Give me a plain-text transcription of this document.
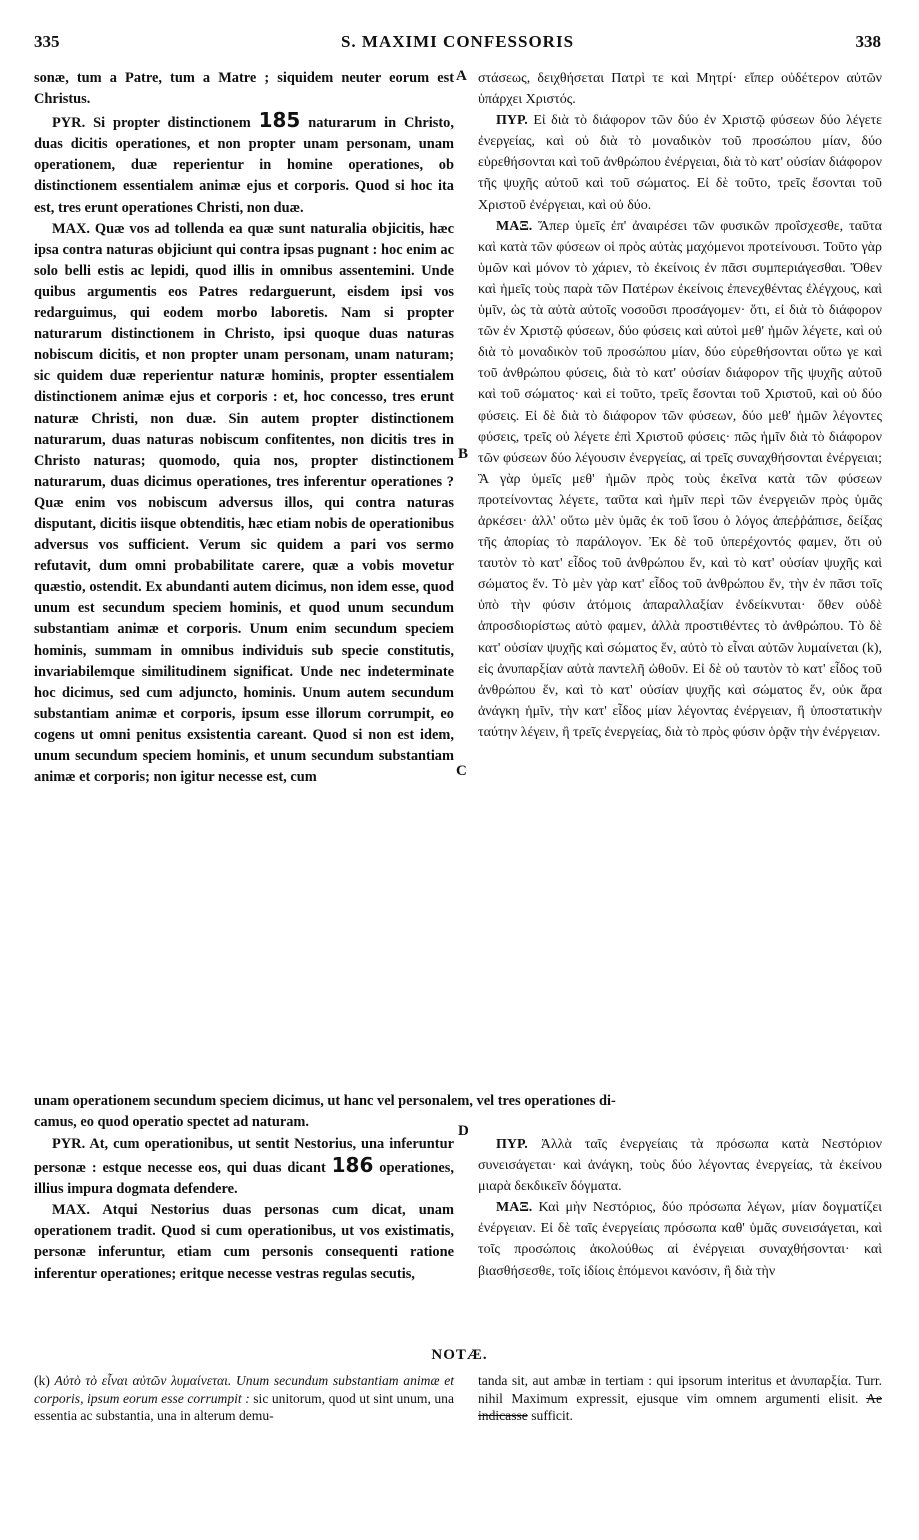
335	S. MAXIMI CONFESSORIS	338

sonæ, tum a Patre, tum a Matre ; siquidem neuter eorum est Christus.

PYR. Si propter distinctionem 185 naturarum in Christo, duas dicitis operationes, et non propter unam personam, unam operationem, duæ reperientur in homine operationes, ob distinctionem essentialem animæ ejus et corporis. Quod si hoc ita est, tres erunt operationes Christi, non duæ.

MAX. Quæ vos ad tollenda ea quæ sunt naturalia objicitis, hæc ipsa contra naturas objiciunt qui contra ipsas pugnant : hoc enim ac solo belli estis ac lepidi, quod illis in omnibus assentemini. Unde quibus argumentis eos Patres redarguerunt, eisdem ipsi vos redarguimus, qui eodem morbo laboretis. Nam si propter naturarum distinctionem in Christo, ipsi quoque duas naturas nobiscum dicitis, et non propter unam personam, unam naturam; sic quidem duæ reperientur naturæ hominis, propter essentialem distinctionem animæ ejus et corporis : et, hoc concesso, tres erunt naturæ Christi, non duæ. Sin autem propter distinctionem naturarum, duas naturas nobiscum confitentes, non dicitis tres in Christo naturas; quomodo, quia nos, propter distinctionem naturarum, duas dicimus operationes, tres inferentur operationes ? Quæ enim vos nobiscum adversus illos, qui contra naturas disputant, dicitis iisque obtenditis, hæc etiam nobis de operationibus adversus vos sufficient. Verum sic quidem a pari vos sermo refutavit, dum omni probabilitate carere, quæ a vobis movetur quæstio, ostendit. Ex abundanti autem dicimus, non idem esse, quod unum est secundum speciem hominis, et quod unum secundum substantiam animæ et corporis. Unum enim secundum speciem hominis, summam in omnibus individuis sub specie constitutis, invariabilemque similitudinem significat. Unde nec indeterminate hoc dicimus, sed cum adjuncto, hominis. Unum autem secundum substantiam animæ et corporis, ipsum esse illorum corrumpit, eo cogens ut omni penitus exsistentia careant. Quod si non est idem, unum secundum speciem hominis, et unum secundum substantiam animæ et corporis; non igitur necesse est, cum

στάσεως, δειχθήσεται Πατρὶ τε καὶ Μητρί· εἴπερ οὐδέτερον αὐτῶν ὑπάρχει Χριστός.

ΠΥΡ. Εἰ διὰ τὸ διάφορον τῶν δύο ἐν Χριστῷ φύσεων δύο λέγετε ἐνεργείας, καὶ οὐ διὰ τὸ μοναδικὸν τοῦ προσώπου μίαν, δύο εὑρεθήσονται καὶ τοῦ ἀνθρώπου ἐνέργειαι, διὰ τὸ κατ' οὐσίαν διάφορον τῆς ψυχῆς αὐτοῦ καὶ τοῦ σώματος. Εἰ δὲ τοῦτο, τρεῖς ἔσονται τοῦ Χριστοῦ ἐνέργειαι, καὶ οὐ δύο.

ΜΑΞ. Ἅπερ ὑμεῖς ἐπ' ἀναιρέσει τῶν φυσικῶν προΐσχεσθε, ταῦτα καὶ κατὰ τῶν φύσεων οἱ πρὸς αὐτὰς μαχόμενοι προτείνουσι. Τοῦτο γὰρ ὑμῶν καὶ μόνον τὸ χάριεν, τὸ ἐκείνοις ἐν πᾶσι συμπεριάγεσθαι. Ὅθεν καὶ ἡμεῖς τοὺς παρὰ τῶν Πατέρων ἐκείνοις ἐπενεχθέντας ἐλέγχους, καὶ ὑμῖν, ὡς τὰ αὐτὰ αὐτοῖς νοσοῦσι προσάγομεν· ὅτι, εἰ διὰ τὸ διάφορον τῶν ἐν Χριστῷ φύσεων, δύο φύσεις καὶ αὐτοὶ μεθ' ἡμῶν λέγετε, καὶ οὐ διὰ τὸ μοναδικὸν τοῦ προσώπου μίαν, δύο εὑρεθήσονται οὕτω γε καὶ τοῦ ἀνθρώπου φύσεις, διὰ τὸ κατ' οὐσίαν διάφορον τῆς ψυχῆς αὐτοῦ καὶ τοῦ σώματος· καὶ εἰ τοῦτο, τρεῖς ἔσονται τοῦ Χριστοῦ, καὶ οὐ δύο φύσεις. Εἰ δὲ διὰ τὸ διάφορον τῶν φύσεων, δύο μεθ' ἡμῶν λέγοντες φύσεις, τρεῖς οὐ λέγετε ἐπὶ Χριστοῦ φύσεις· πῶς ἡμῖν διὰ τὸ διάφορον τῶν φύσεων δύο λέγουσιν ἐνεργείας, αἱ τρεῖς συναχθήσονται ἐνέργειαι; Ἃ γὰρ ὑμεῖς μεθ' ἡμῶν πρὸς τοὺς ἐκεῖνα κατὰ τῶν φύσεων προτείνοντας λέγετε, ταῦτα καὶ ἡμῖν περὶ τῶν ἐνεργειῶν πρὸς ὑμᾶς ἀρκέσει· ἀλλ' οὕτω μὲν ὑμᾶς ἐκ τοῦ ἴσου ὁ λόγος ἀπεῤῥάπισε, δείξας τῆς ἀπορίας τὸ παράλογον. Ἐκ δὲ τοῦ ὑπερέχοντός φαμεν, ὅτι οὐ ταυτὸν τὸ κατ' εἶδος τοῦ ἀνθρώπου ἕν, καὶ τὸ κατ' οὐσίαν ψυχῆς καὶ σώματος ἕν. Τὸ μὲν γὰρ κατ' εἶδος τοῦ ἀνθρώπου ἕν, τὴν ἐν πᾶσι τοῖς ὑπὸ τὴν φύσιν ἀτόμοις ἀπαραλλαξίαν ἐνδείκνυται· ὅθεν οὐδὲ ἀπροσδιορίστως αὐτὸ φαμεν, ἀλλὰ προστιθέντες τὸ ἀνθρώπου. Τὸ δὲ κατ' οὐσίαν ψυχῆς καὶ σώματος ἕν, αὐτὸ τὸ εἶναι αὐτῶν λυμαίνεται (k), εἰς ἀνυπαρξίαν αὐτὰ παντελῆ ὠθοῦν. Εἰ δὲ οὐ ταυτὸν τὸ κατ' εἶδος τοῦ ἀνθρώπου ἕν, καὶ τὸ κατ' οὐσίαν ψυχῆς καὶ σώματος ἕν, οὐκ ἄρα ἀνάγκη ἡμῖν, τὴν κατ' εἶδος μίαν λέγοντας ἐνέργειαν, ἢ ὑποστατικὴν ταύτην λέγειν, ἢ τρεῖς ἐνεργείας, διὰ τὸ πρὸς φύσιν ὁρᾷν τὴν ἐνέργειαν.

A
B
C
D
unam operationem secundum speciem dicimus, ut hanc vel personalem, vel tres operationes di-
camus, eo quod operatio spectet ad naturam.

PYR. At, cum operationibus, ut sentit Nestorius, una inferuntur personæ : estque necesse eos, qui duas dicant 186 operationes, illius impura dogmata defendere.

MAX. Atqui Nestorius duas personas cum dicat, unam operationem tradit. Quod si cum operationibus, ut vos existimatis, personæ inferuntur, etiam cum personis consequenti ratione inferentur operationes; eritque necesse vestras regulas secutis,

ΠΥΡ. Ἀλλὰ ταῖς ἐνεργείαις τὰ πρόσωπα κατὰ Νεστόριον συνεισάγεται· καὶ ἀνάγκη, τοὺς δύο λέγοντας ἐνεργείας, τὰ ἐκείνου μιαρὰ δεκδικεῖν δόγματα.

ΜΑΞ. Καὶ μὴν Νεστόριος, δύο πρόσωπα λέγων, μίαν δογματίζει ἐνέργειαν. Εἰ δὲ ταῖς ἐνεργείαις πρόσωπα καθ' ὑμᾶς συνεισάγεται, καὶ τοῖς προσώποις ἀκολούθως αἱ ἐνέργειαι συναχθήσονται· καὶ βιασθήσεσθε, τοῖς ἰδίοις ἑπόμενοι κανόσιν, ἢ διὰ τὴν

NOTÆ.
(k) Αὐτὸ τὸ εἶναι αὐτῶν λυμαίνεται. Unum secundum substantiam animæ et corporis, ipsum eorum esse corrumpit : sic unitorum, quod ut sint unum, una essentia ac substantia, una in alterum demu-
tanda sit, aut ambæ in tertiam : qui ipsorum interitus et ἀνυπαρξία. Turr. nihil Maximum expressit, ejusque vim omnem argumenti elisit. Ae indicasse sufficit.
